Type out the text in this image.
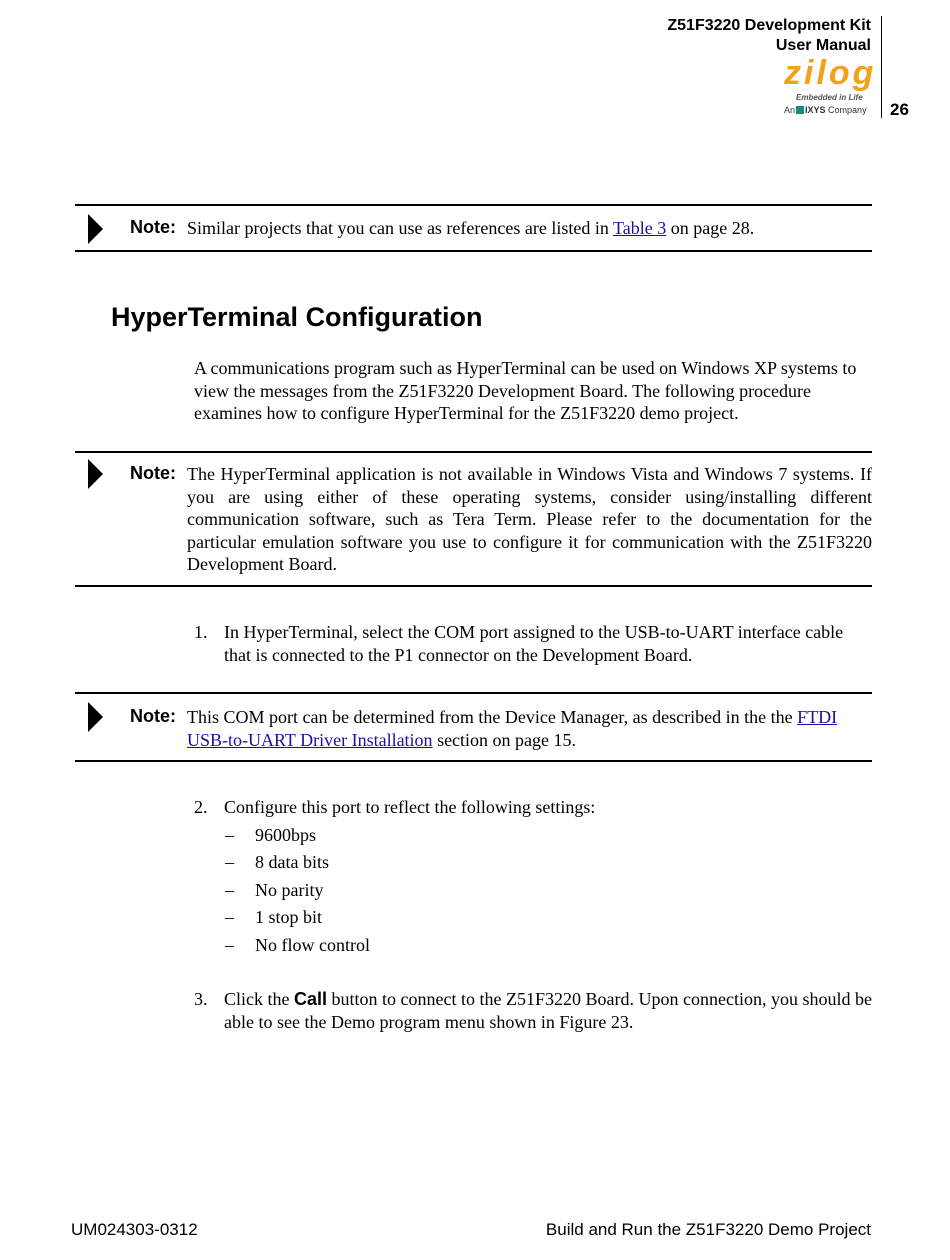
Z51F3220 Development Kit
User Manual
zilog
Embedded in Life
An IXYS Company 26
Note: Similar projects that you can use as references are listed in Table 3 on page 28.
HyperTerminal Configuration
A communications program such as HyperTerminal can be used on Windows XP systems to view the messages from the Z51F3220 Development Board. The following procedure examines how to configure HyperTerminal for the Z51F3220 demo project.
Note: The HyperTerminal application is not available in Windows Vista and Windows 7 systems. If you are using either of these operating systems, consider using/installing different communication software, such as Tera Term. Please refer to the documentation for the particular emulation software you use to configure it for communication with the Z51F3220 Development Board.
1. In HyperTerminal, select the COM port assigned to the USB-to-UART interface cable that is connected to the P1 connector on the Development Board.
Note: This COM port can be determined from the Device Manager, as described in the the FTDI USB-to-UART Driver Installation section on page 15.
2. Configure this port to reflect the following settings:
– 9600bps
– 8 data bits
– No parity
– 1 stop bit
– No flow control
3. Click the Call button to connect to the Z51F3220 Board. Upon connection, you should be able to see the Demo program menu shown in Figure 23.
UM024303-0312	Build and Run the Z51F3220 Demo Project
